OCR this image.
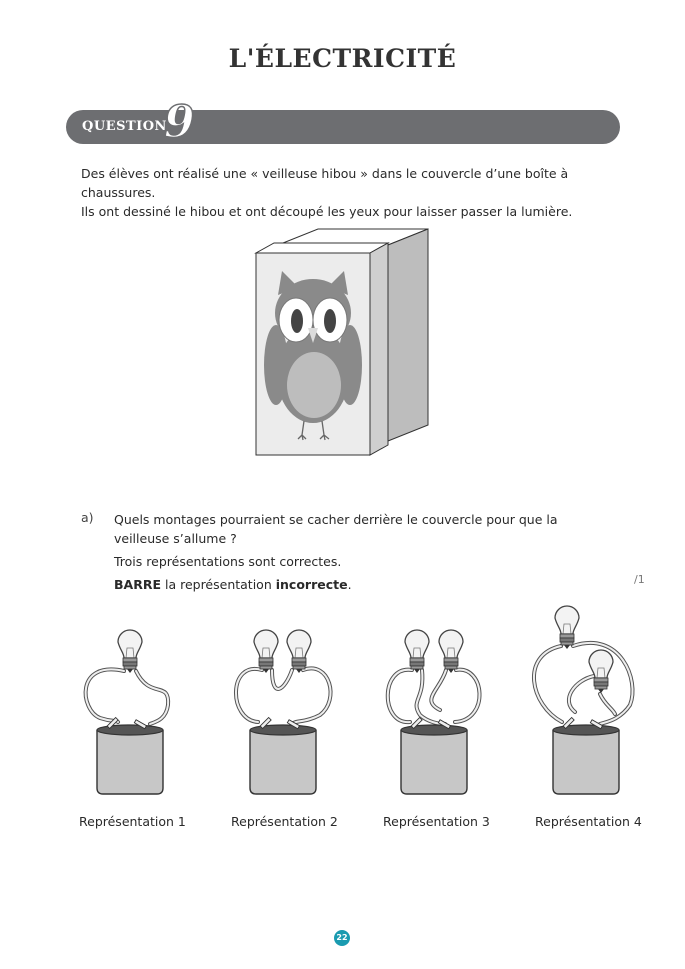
L'ÉLECTRICITÉ
QUESTION
9

Des élèves ont réalisé une « veilleuse hibou » dans le couvercle d’une boîte à chaussures.

Ils ont dessiné le hibou et ont découpé les yeux pour laisser passer la lumière.

a) Quels montages pourraient se cacher derrière le couvercle pour que la veilleuse s’allume ?

Trois représentations sont correctes.

BARRE la représentation incorrecte.	/1
Représentation 1	Représentation 2	Représentation 3	Représentation 4
22
